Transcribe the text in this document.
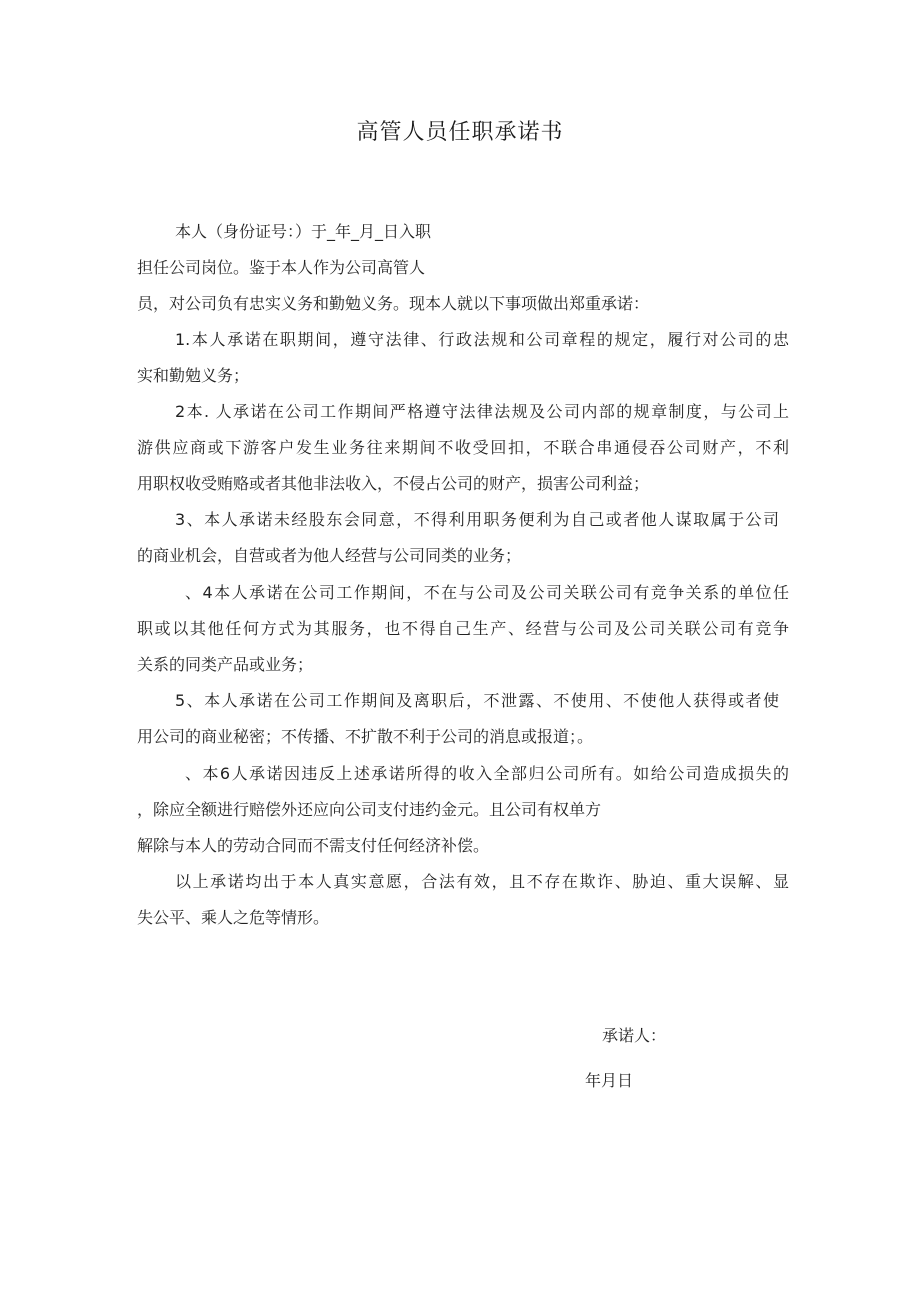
高管人员任职承诺书
本人（身份证号：）于_年_月_日入职
担任公司岗位。鉴于本人作为公司高管人
员，对公司负有忠实义务和勤勉义务。现本人就以下事项做出郑重承诺：
1.本人承诺在职期间，遵守法律、行政法规和公司章程的规定，履行对公司的忠
实和勤勉义务；
2本. 人承诺在公司工作期间严格遵守法律法规及公司内部的规章制度，与公司上
游供应商或下游客户发生业务往来期间不收受回扣，不联合串通侵吞公司财产，不利
用职权收受贿赂或者其他非法收入，不侵占公司的财产，损害公司利益；
3、本人承诺未经股东会同意，不得利用职务便利为自己或者他人谋取属于公司
的商业机会，自营或者为他人经营与公司同类的业务；
、4本人承诺在公司工作期间，不在与公司及公司关联公司有竞争关系的单位任
职或以其他任何方式为其服务，也不得自己生产、经营与公司及公司关联公司有竞争
关系的同类产品或业务；
5、本人承诺在公司工作期间及离职后，不泄露、不使用、不使他人获得或者使
用公司的商业秘密；不传播、不扩散不利于公司的消息或报道；。
、本6人承诺因违反上述承诺所得的收入全部归公司所有。如给公司造成损失的
，除应全额进行赔偿外还应向公司支付违约金元。且公司有权单方
解除与本人的劳动合同而不需支付任何经济补偿。
以上承诺均出于本人真实意愿，合法有效，且不存在欺诈、胁迫、重大误解、显
失公平、乘人之危等情形。
承诺人：
年月日
